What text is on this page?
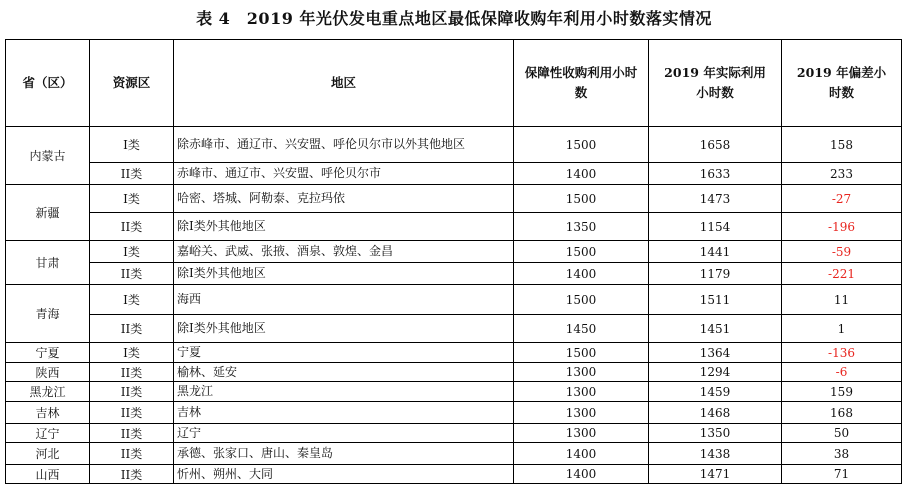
表 4　2019 年光伏发电重点地区最低保障收购年利用小时数落实情况
省（区）	资源区	地区	保障性收购利用小时数	2019 年实际利用小时数	2019 年偏差小时数
内蒙古	I类	除赤峰市、通辽市、兴安盟、呼伦贝尔市以外其他地区	1500	1658	158
	II类	赤峰市、通辽市、兴安盟、呼伦贝尔市	1400	1633	233
新疆	I类	哈密、塔城、阿勒泰、克拉玛依	1500	1473	-27
	II类	除I类外其他地区	1350	1154	-196
甘肃	I类	嘉峪关、武威、张掖、酒泉、敦煌、金昌	1500	1441	-59
	II类	除I类外其他地区	1400	1179	-221
青海	I类	海西	1500	1511	11
	II类	除I类外其他地区	1450	1451	1
宁夏	I类	宁夏	1500	1364	-136
陕西	II类	榆林、延安	1300	1294	-6
黑龙江	II类	黑龙江	1300	1459	159
吉林	II类	吉林	1300	1468	168
辽宁	II类	辽宁	1300	1350	50
河北	II类	承德、张家口、唐山、秦皇岛	1400	1438	38
山西	II类	忻州、朔州、大同	1400	1471	71
